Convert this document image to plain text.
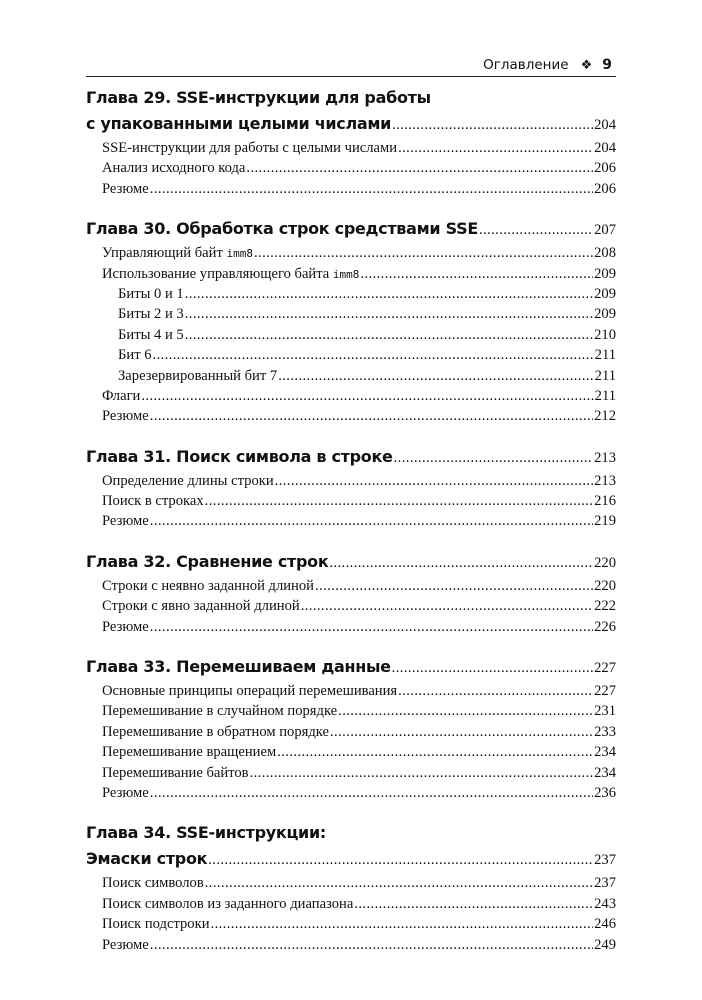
Оглавление ❖ 9
Глава 29. SSE-инструкции для работы
с упакованными целыми числами .....	204
SSE-инструкции для работы с целыми числами .....	204
Анализ исходного кода .....	206
Резюме .....	206
Глава 30. Обработка строк средствами SSE .....	207
Управляющий байт imm8 .....	208
Использование управляющего байта imm8 .....	209
Биты 0 и 1 .....	209
Биты 2 и 3 .....	209
Биты 4 и 5 .....	210
Бит 6 .....	211
Зарезервированный бит 7 .....	211
Флаги .....	211
Резюме .....	212
Глава 31. Поиск символа в строке .....	213
Определение длины строки .....	213
Поиск в строках .....	216
Резюме .....	219
Глава 32. Сравнение строк .....	220
Строки с неявно заданной длиной .....	220
Строки с явно заданной длиной .....	222
Резюме .....	226
Глава 33. Перемешиваем данные .....	227
Основные принципы операций перемешивания .....	227
Перемешивание в случайном порядке .....	231
Перемешивание в обратном порядке .....	233
Перемешивание вращением .....	234
Перемешивание байтов .....	234
Резюме .....	236
Глава 34. SSE-инструкции:
Эмаски строк .....	237
Поиск символов .....	237
Поиск символов из заданного диапазона .....	243
Поиск подстроки .....	246
Резюме .....	249
